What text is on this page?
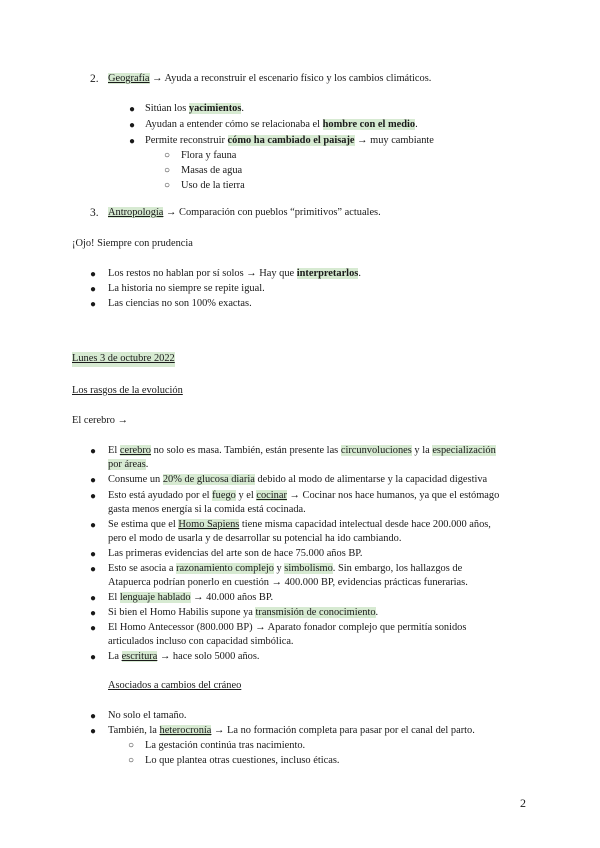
2. Geografía → Ayuda a reconstruir el escenario físico y los cambios climáticos.
● Sitúan los yacimientos.
● Ayudan a entender cómo se relacionaba el hombre con el medio.
● Permite reconstruir cómo ha cambiado el paisaje → muy cambiante
○ Flora y fauna
○ Masas de agua
○ Uso de la tierra
3. Antropología → Comparación con pueblos “primitivos” actuales.
¡Ojo! Siempre con prudencia
● Los restos no hablan por sí solos → Hay que interpretarlos.
● La historia no siempre se repite igual.
● Las ciencias no son 100% exactas.
Lunes 3 de octubre 2022
Los rasgos de la evolución
El cerebro →
● El cerebro no solo es masa. También, están presente las circunvoluciones y la especialización
por áreas.
● Consume un 20% de glucosa diaria debido al modo de alimentarse y la capacidad digestiva
● Esto está ayudado por el fuego y el cocinar → Cocinar nos hace humanos, ya que el estómago
gasta menos energía si la comida está cocinada.
● Se estima que el Homo Sapiens tiene misma capacidad intelectual desde hace 200.000 años,
pero el modo de usarla y de desarrollar su potencial ha ido cambiando.
● Las primeras evidencias del arte son de hace 75.000 años BP.
● Esto se asocia a razonamiento complejo y simbolismo. Sin embargo, los hallazgos de
Atapuerca podrían ponerlo en cuestión → 400.000 BP, evidencias prácticas funerarias.
● El lenguaje hablado → 40.000 años BP.
● Si bien el Homo Habilis supone ya transmisión de conocimiento.
● El Homo Antecessor (800.000 BP) → Aparato fonador complejo que permitía sonidos
articulados incluso con capacidad simbólica.
● La escritura → hace solo 5000 años.
Asociados a cambios del cráneo
● No solo el tamaño.
● También, la heterocronía → La no formación completa para pasar por el canal del parto.
○ La gestación continúa tras nacimiento.
○ Lo que plantea otras cuestiones, incluso éticas.
2
